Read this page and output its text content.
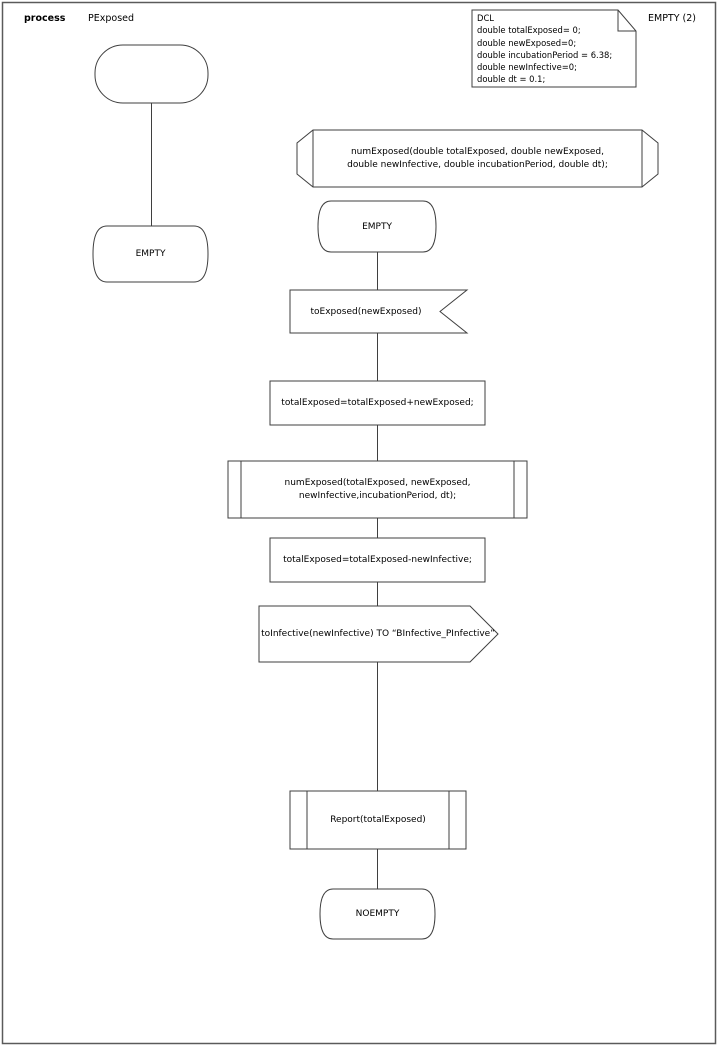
process PExposed	EMPTY (2)
DCL
double totalExposed= 0;
double newExposed=0;
double incubationPeriod = 6.38;
double newInfective=0;
double dt = 0.1;
EMPTY
numExposed(double totalExposed, double newExposed,
double newInfective, double incubationPeriod, double dt);
EMPTY
toExposed(newExposed)
totalExposed=totalExposed+newExposed;
numExposed(totalExposed, newExposed,
newInfective,incubationPeriod, dt);
totalExposed=totalExposed-newInfective;
toInfective(newInfective) TO “BInfective_PInfective”
Report(totalExposed)
NOEMPTY
